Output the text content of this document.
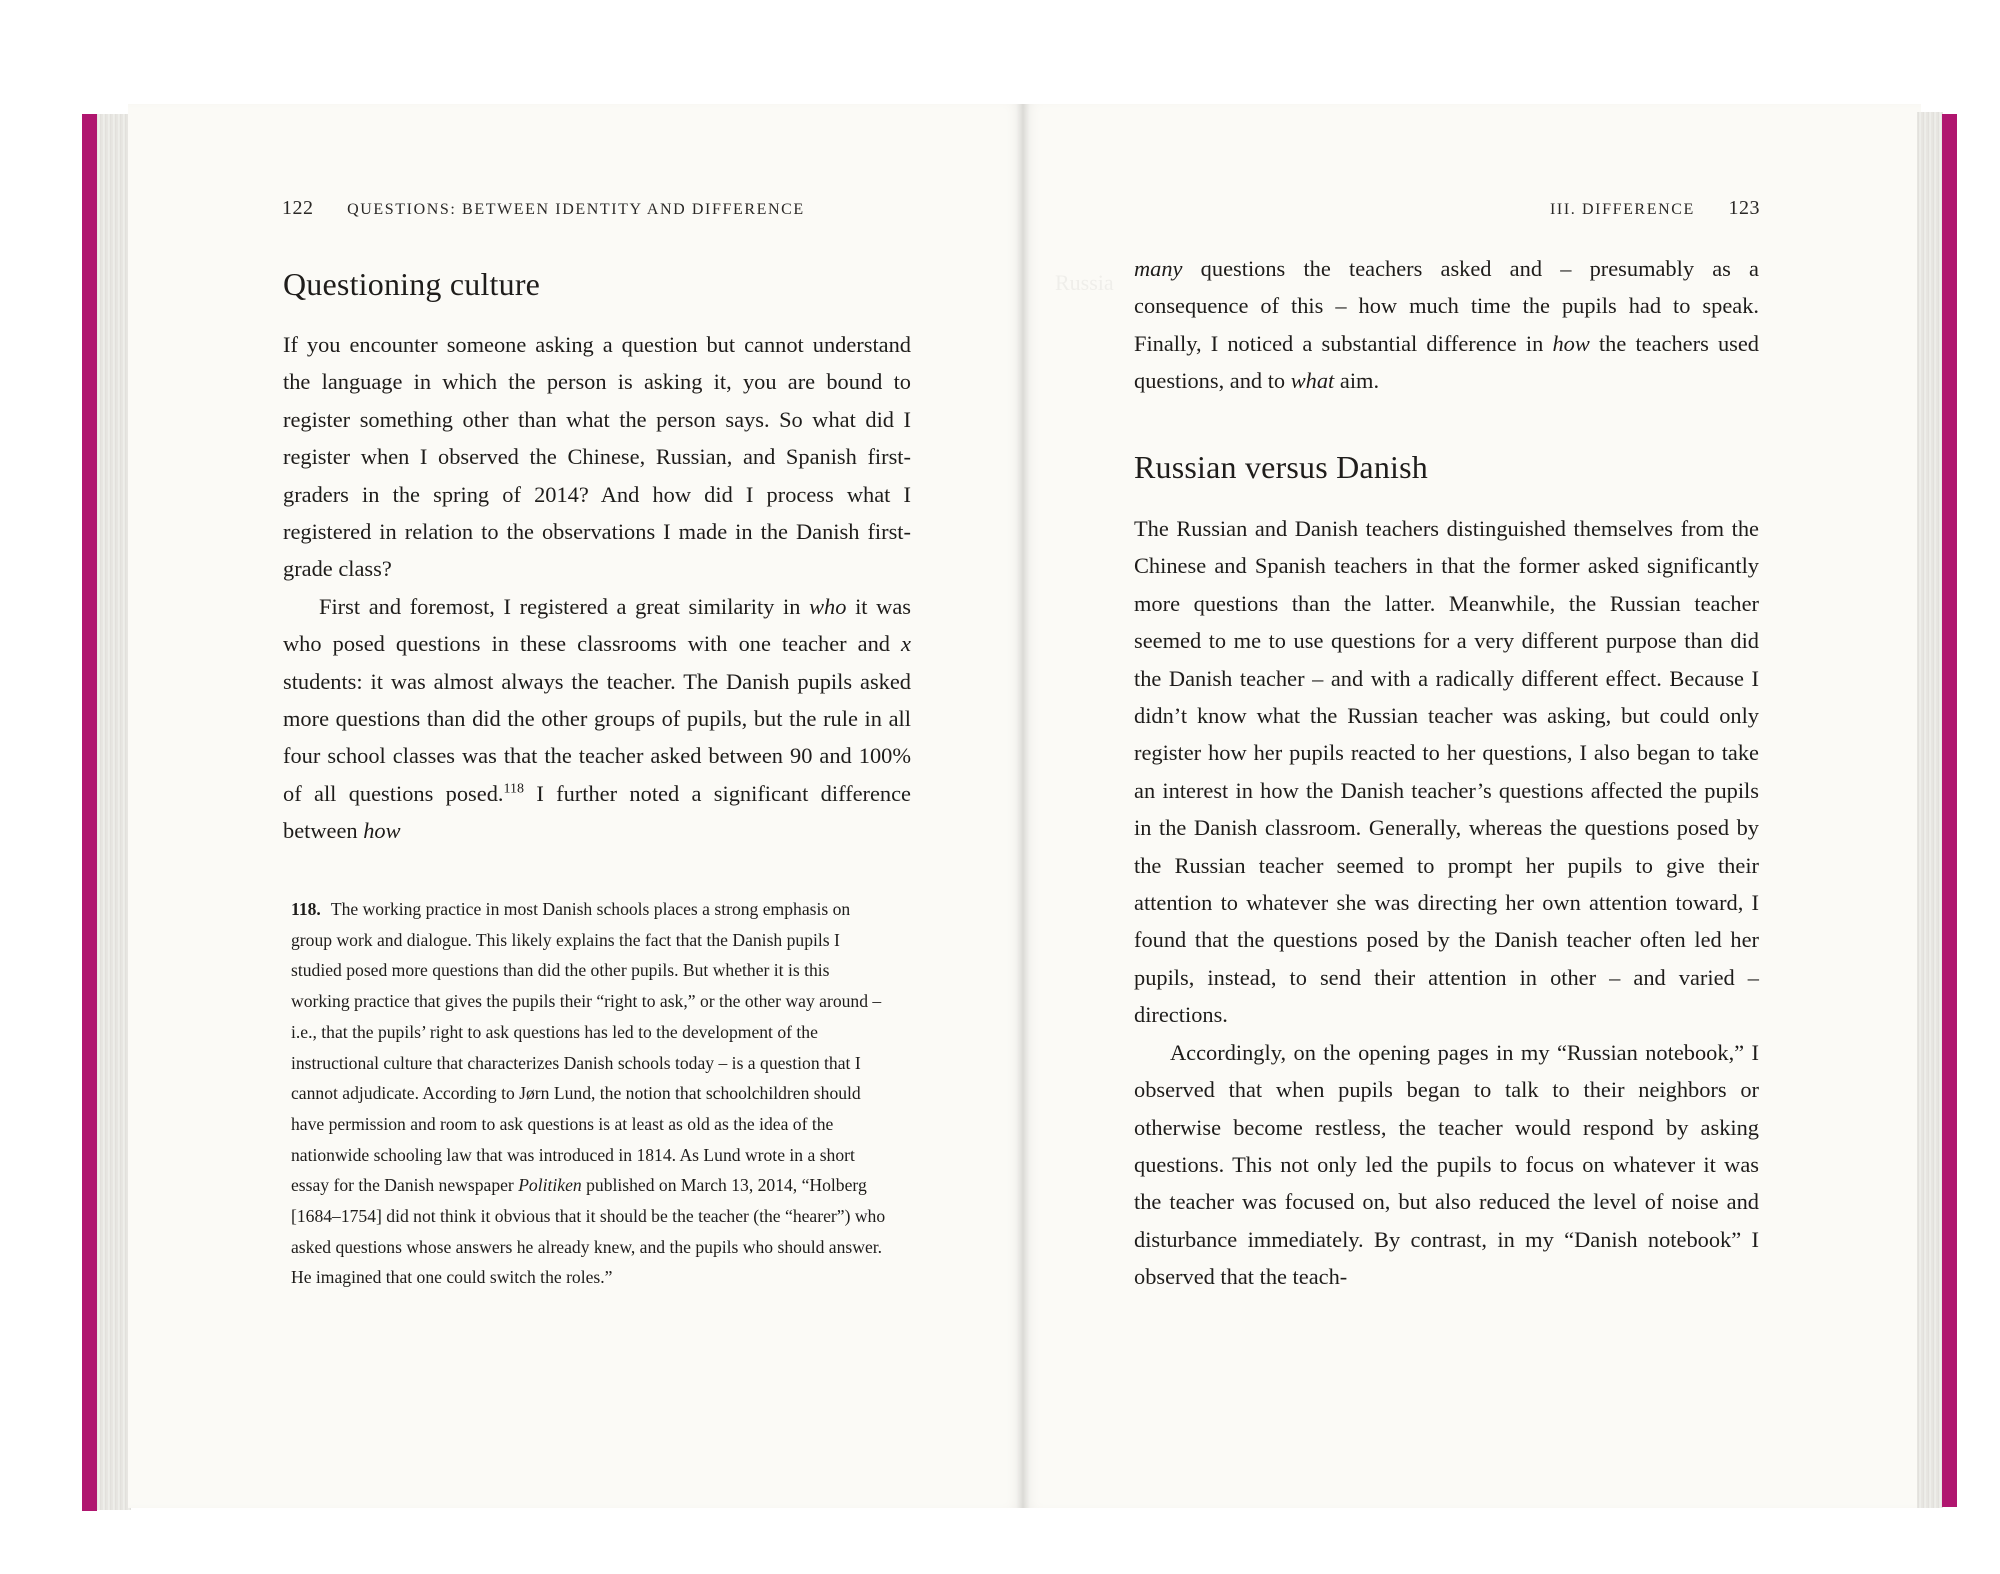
Russia
122 QUESTIONS: BETWEEN IDENTITY AND DIFFERENCE
Questioning culture

If you encounter someone asking a question but cannot understand the language in which the person is asking it, you are bound to register something other than what the person says. So what did I register when I observed the Chinese, Russian, and Spanish first-graders in the spring of 2014? And how did I process what I registered in relation to the observations I made in the Danish first-grade class?

First and foremost, I registered a great similarity in who it was who posed questions in these classrooms with one teacher and x students: it was almost always the teacher. The Danish pupils asked more questions than did the other groups of pupils, but the rule in all four school classes was that the teacher asked between 90 and 100% of all questions posed.$^{118}$ I further noted a significant difference between how

118. The working practice in most Danish schools places a strong emphasis on group work and dialogue. This likely explains the fact that the Danish pupils I studied posed more questions than did the other pupils. But whether it is this working practice that gives the pupils their “right to ask,” or the other way around – i.e., that the pupils’ right to ask questions has led to the development of the instructional culture that characterizes Danish schools today – is a question that I cannot adjudicate. According to Jørn Lund, the notion that schoolchildren should have permission and room to ask questions is at least as old as the idea of the nationwide schooling law that was introduced in 1814. As Lund wrote in a short essay for the Danish newspaper Politiken published on March 13, 2014, “Holberg [1684–1754] did not think it obvious that it should be the teacher (the “hearer”) who asked questions whose answers he already knew, and the pupils who should answer. He imagined that one could switch the roles.”

III. DIFFERENCE 123

many questions the teachers asked and – presumably as a consequence of this – how much time the pupils had to speak. Finally, I noticed a substantial difference in how the teachers used questions, and to what aim.

Russian versus Danish

The Russian and Danish teachers distinguished themselves from the Chinese and Spanish teachers in that the former asked significantly more questions than the latter. Meanwhile, the Russian teacher seemed to me to use questions for a very different purpose than did the Danish teacher – and with a radically different effect. Because I didn’t know what the Russian teacher was asking, but could only register how her pupils reacted to her questions, I also began to take an interest in how the Danish teacher’s questions affected the pupils in the Danish classroom. Generally, whereas the questions posed by the Russian teacher seemed to prompt her pupils to give their attention to whatever she was directing her own attention toward, I found that the questions posed by the Danish teacher often led her pupils, instead, to send their attention in other – and varied – directions.

Accordingly, on the opening pages in my “Russian notebook,” I observed that when pupils began to talk to their neighbors or otherwise become restless, the teacher would respond by asking questions. This not only led the pupils to focus on whatever it was the teacher was focused on, but also reduced the level of noise and disturbance immediately. By contrast, in my “Danish notebook” I observed that the teach-
